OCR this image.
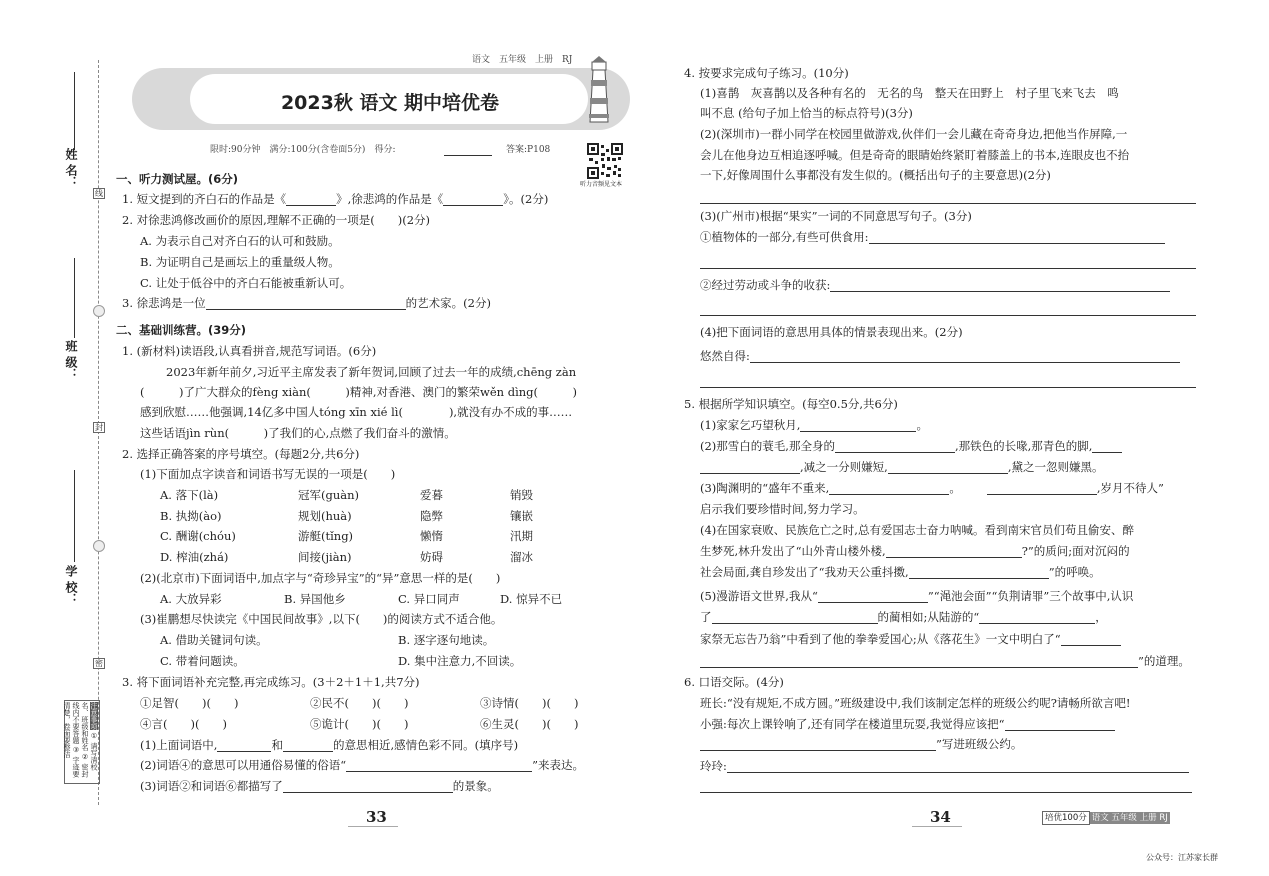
姓 名：
班 级：
学 校：
线
封
密
注意事项 ① 请写清校名、班级和姓名 ② 密封线内不要答题 ③ 字迹要清楚，卷面要整洁
语文　五年级　上册　RJ
2023秋 语文 期中培优卷
限时:90分钟　满分:100分(含卷面5分)　得分:	答案:P108
听力音频见文本
一、听力测试屋。(6分)
1. 短文提到的齐白石的作品是《	》,徐悲鸿的作品是《	》。(2分)
2. 对徐悲鸿修改画价的原因,理解不正确的一项是(　　)(2分)
A. 为表示自己对齐白石的认可和鼓励。
B. 为证明自己是画坛上的重量级人物。
C. 让处于低谷中的齐白石能被重新认可。
3. 徐悲鸿是一位	的艺术家。(2分)
二、基础训练营。(39分)
1. (新材料)读语段,认真看拼音,规范写词语。(6分)
2023年新年前夕,习近平主席发表了新年贺词,回顾了过去一年的成绩,chēng zàn
(　　　)了广大群众的fèng xiàn(　　　)精神,对香港、澳门的繁荣wěn dìng(　　　)
感到欣慰……他强调,14亿多中国人tóng xīn xié lì(　　　　),就没有办不成的事……
这些话语jìn rùn(　　　)了我们的心,点燃了我们奋斗的激情。
2. 选择正确答案的序号填空。(每题2分,共6分)
(1)下面加点字读音和词语书写无误的一项是(　　)
A. 落下(là)	冠军(guàn)	爱暮	销毁
B. 执拗(ào)	规划(huà)	隐弊	镶嵌
C. 酬谢(chóu)	游艇(tǐng)	懒惰	汛期
D. 榨油(zhá)	间接(jiàn)	妨碍	溜冰
(2)(北京市)下面词语中,加点字与“奇珍异宝”的“异”意思一样的是(　　)
A. 大放异彩	B. 异国他乡	C. 异口同声	D. 惊异不已
(3)崔鹏想尽快读完《中国民间故事》,以下(　　)的阅读方式不适合他。
A. 借助关键词句读。	B. 逐字逐句地读。
C. 带着问题读。	D. 集中注意力,不回读。
3. 将下面词语补充完整,再完成练习。(3＋2＋1＋1,共7分)
①足智(　　)(　　)	②民不(　　)(　　)	③诗情(　　)(　　)
④言(　　)(　　)	⑤诡计(　　)(　　)	⑥生灵(　　)(　　)
(1)上面词语中,	和	的意思相近,感情色彩不同。(填序号)
(2)词语④的意思可以用通俗易懂的俗语“	”来表达。
(3)词语②和词语⑥都描写了	的景象。
33
4. 按要求完成句子练习。(10分)
(1)喜鹊　灰喜鹊以及各种有名的　无名的鸟　整天在田野上　村子里飞来飞去　鸣
叫不息 (给句子加上恰当的标点符号)(3分)
(2)(深圳市)一群小同学在校园里做游戏,伙伴们一会儿藏在奇奇身边,把他当作屏障,一
会儿在他身边互相追逐呼喊。但是奇奇的眼睛始终紧盯着膝盖上的书本,连眼皮也不抬
一下,好像周围什么事都没有发生似的。(概括出句子的主要意思)(2分)
(3)(广州市)根据“果实”一词的不同意思写句子。(3分)
①植物体的一部分,有些可供食用:
②经过劳动或斗争的收获:
(4)把下面词语的意思用具体的情景表现出来。(2分)
悠然自得:
5. 根据所学知识填空。(每空0.5分,共6分)
(1)家家乞巧望秋月,	。
(2)那雪白的蓑毛,那全身的	,那铁色的长喙,那青色的脚,
,减之一分则嫌短,	,黛之一忽则嫌黑。
(3)陶渊明的“盛年不重来,	。	,岁月不待人”
启示我们要珍惜时间,努力学习。
(4)在国家衰败、民族危亡之时,总有爱国志士奋力呐喊。看到南宋官员们苟且偷安、醉
生梦死,林升发出了“山外青山楼外楼,	?”的质问;面对沉闷的
社会局面,龚自珍发出了“我劝天公重抖擞,	”的呼唤。
(5)漫游语文世界,我从“	”“渑池会面”“负荆请罪”三个故事中,认识
了	的蔺相如;从陆游的“	，
家祭无忘告乃翁”中看到了他的拳拳爱国心;从《落花生》一文中明白了“
”的道理。
6. 口语交际。(4分)
班长:“没有规矩,不成方圆。”班级建设中,我们该制定怎样的班级公约呢?请畅所欲言吧!
小强:每次上课铃响了,还有同学在楼道里玩耍,我觉得应该把“
”写进班级公约。
玲玲:
34	培优100分 语文 五年级 上册 RJ
公众号：江苏家长群
